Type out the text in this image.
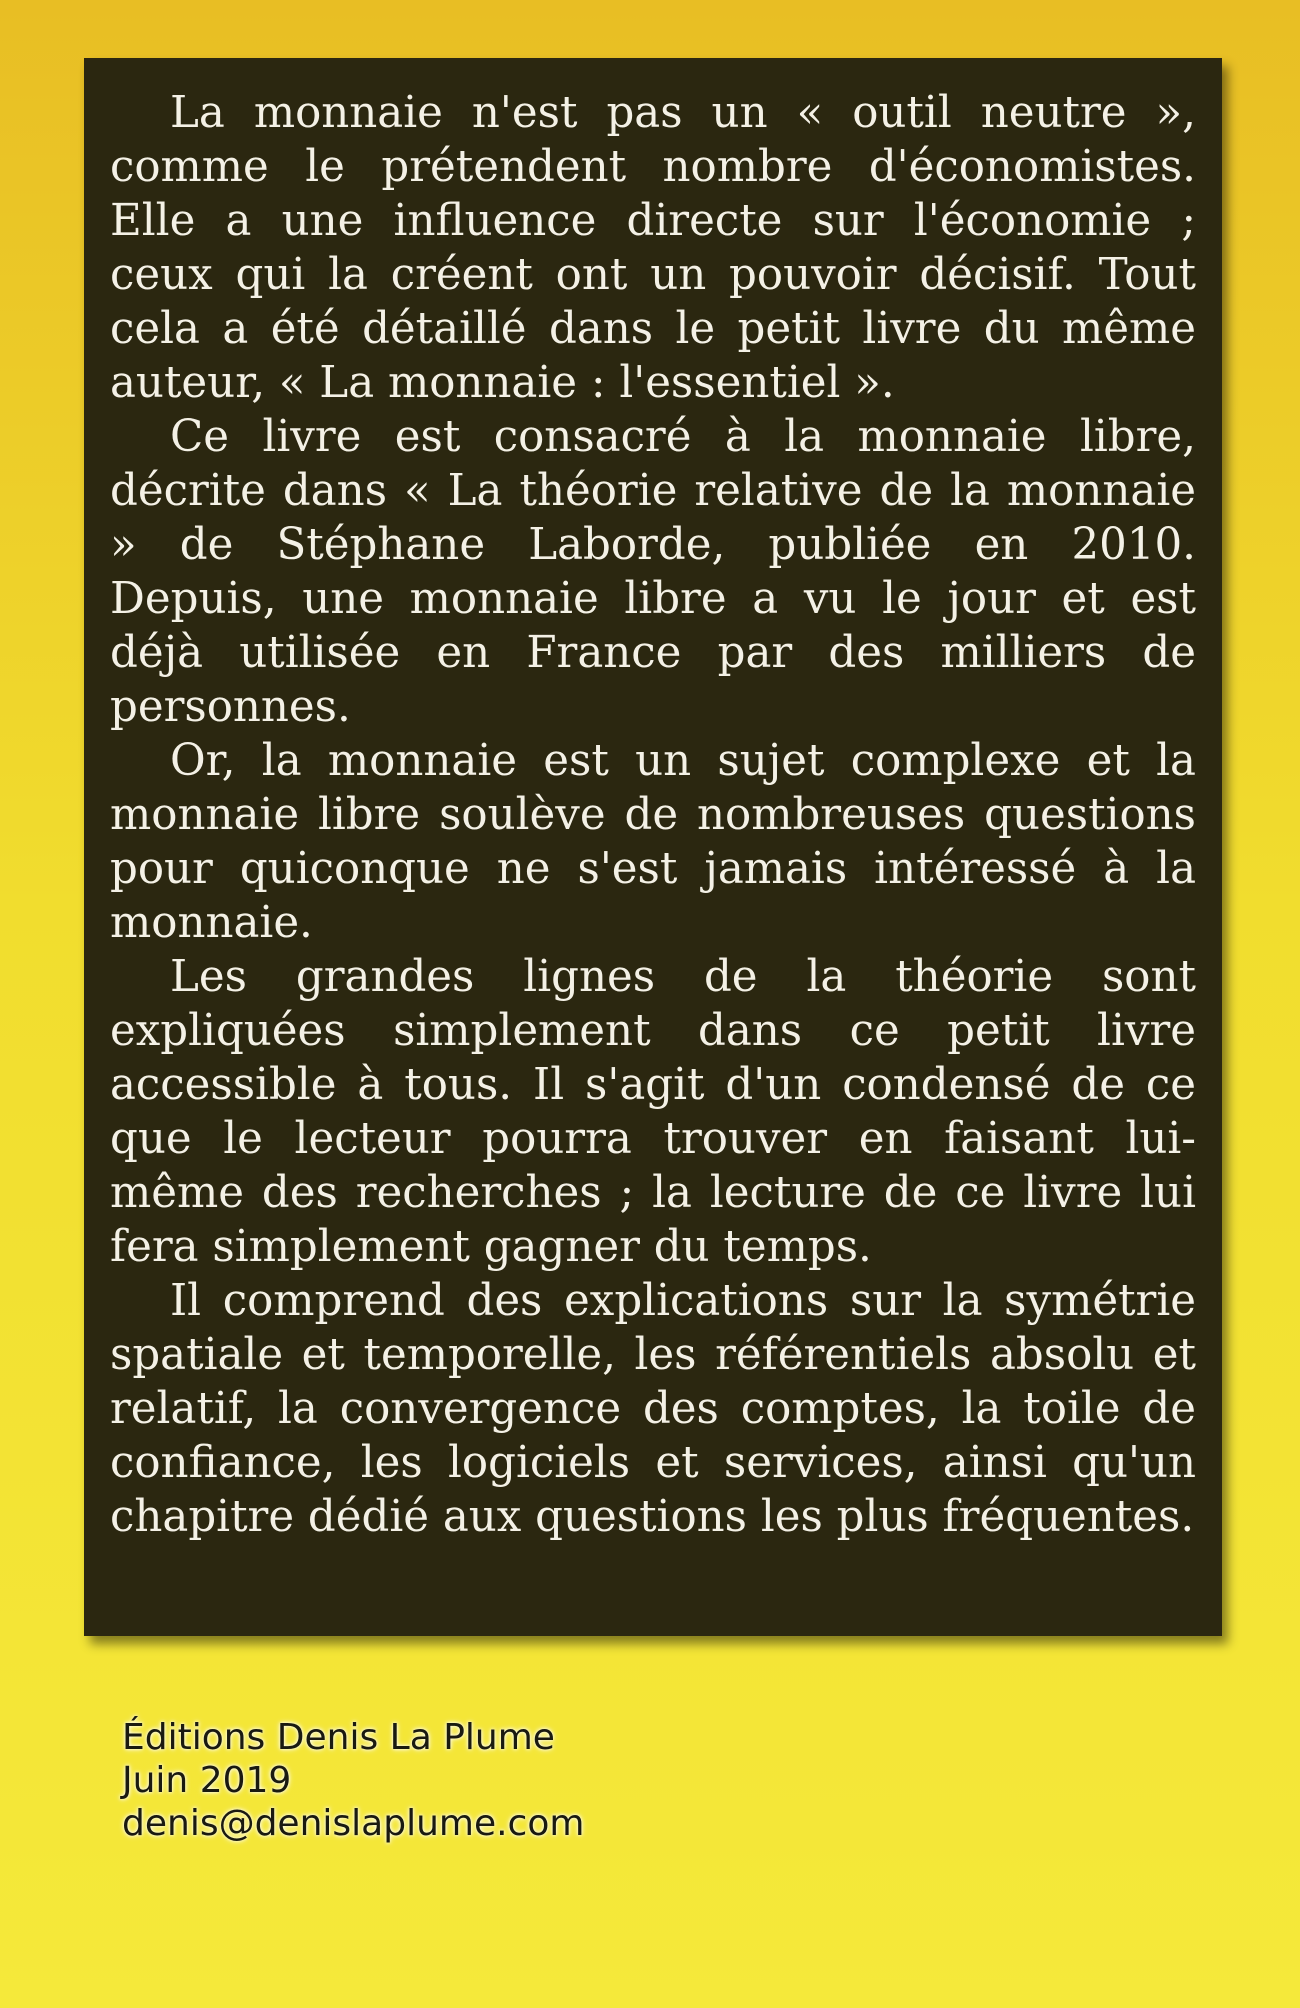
La monnaie n'est pas un « outil neutre », comme le prétendent nombre d'économistes. Elle a une influence directe sur l'économie ; ceux qui la créent ont un pouvoir décisif. Tout cela a été détaillé dans le petit livre du même auteur, « La monnaie : l'essentiel ».

Ce livre est consacré à la monnaie libre, décrite dans « La théorie relative de la monnaie » de Stéphane Laborde, publiée en 2010. Depuis, une monnaie libre a vu le jour et est déjà utilisée en France par des milliers de personnes.

Or, la monnaie est un sujet complexe et la monnaie libre soulève de nombreuses questions pour quiconque ne s'est jamais intéressé à la monnaie.

Les grandes lignes de la théorie sont expliquées simplement dans ce petit livre accessible à tous. Il s'agit d'un condensé de ce que le lecteur pourra trouver en faisant lui-même des recherches ; la lecture de ce livre lui fera simplement gagner du temps.

Il comprend des explications sur la symétrie spatiale et temporelle, les référentiels absolu et relatif, la convergence des comptes, la toile de confiance, les logiciels et services, ainsi qu'un chapitre dédié aux questions les plus fréquentes.

Éditions Denis La Plume
Juin 2019
denis@denislaplume.com
